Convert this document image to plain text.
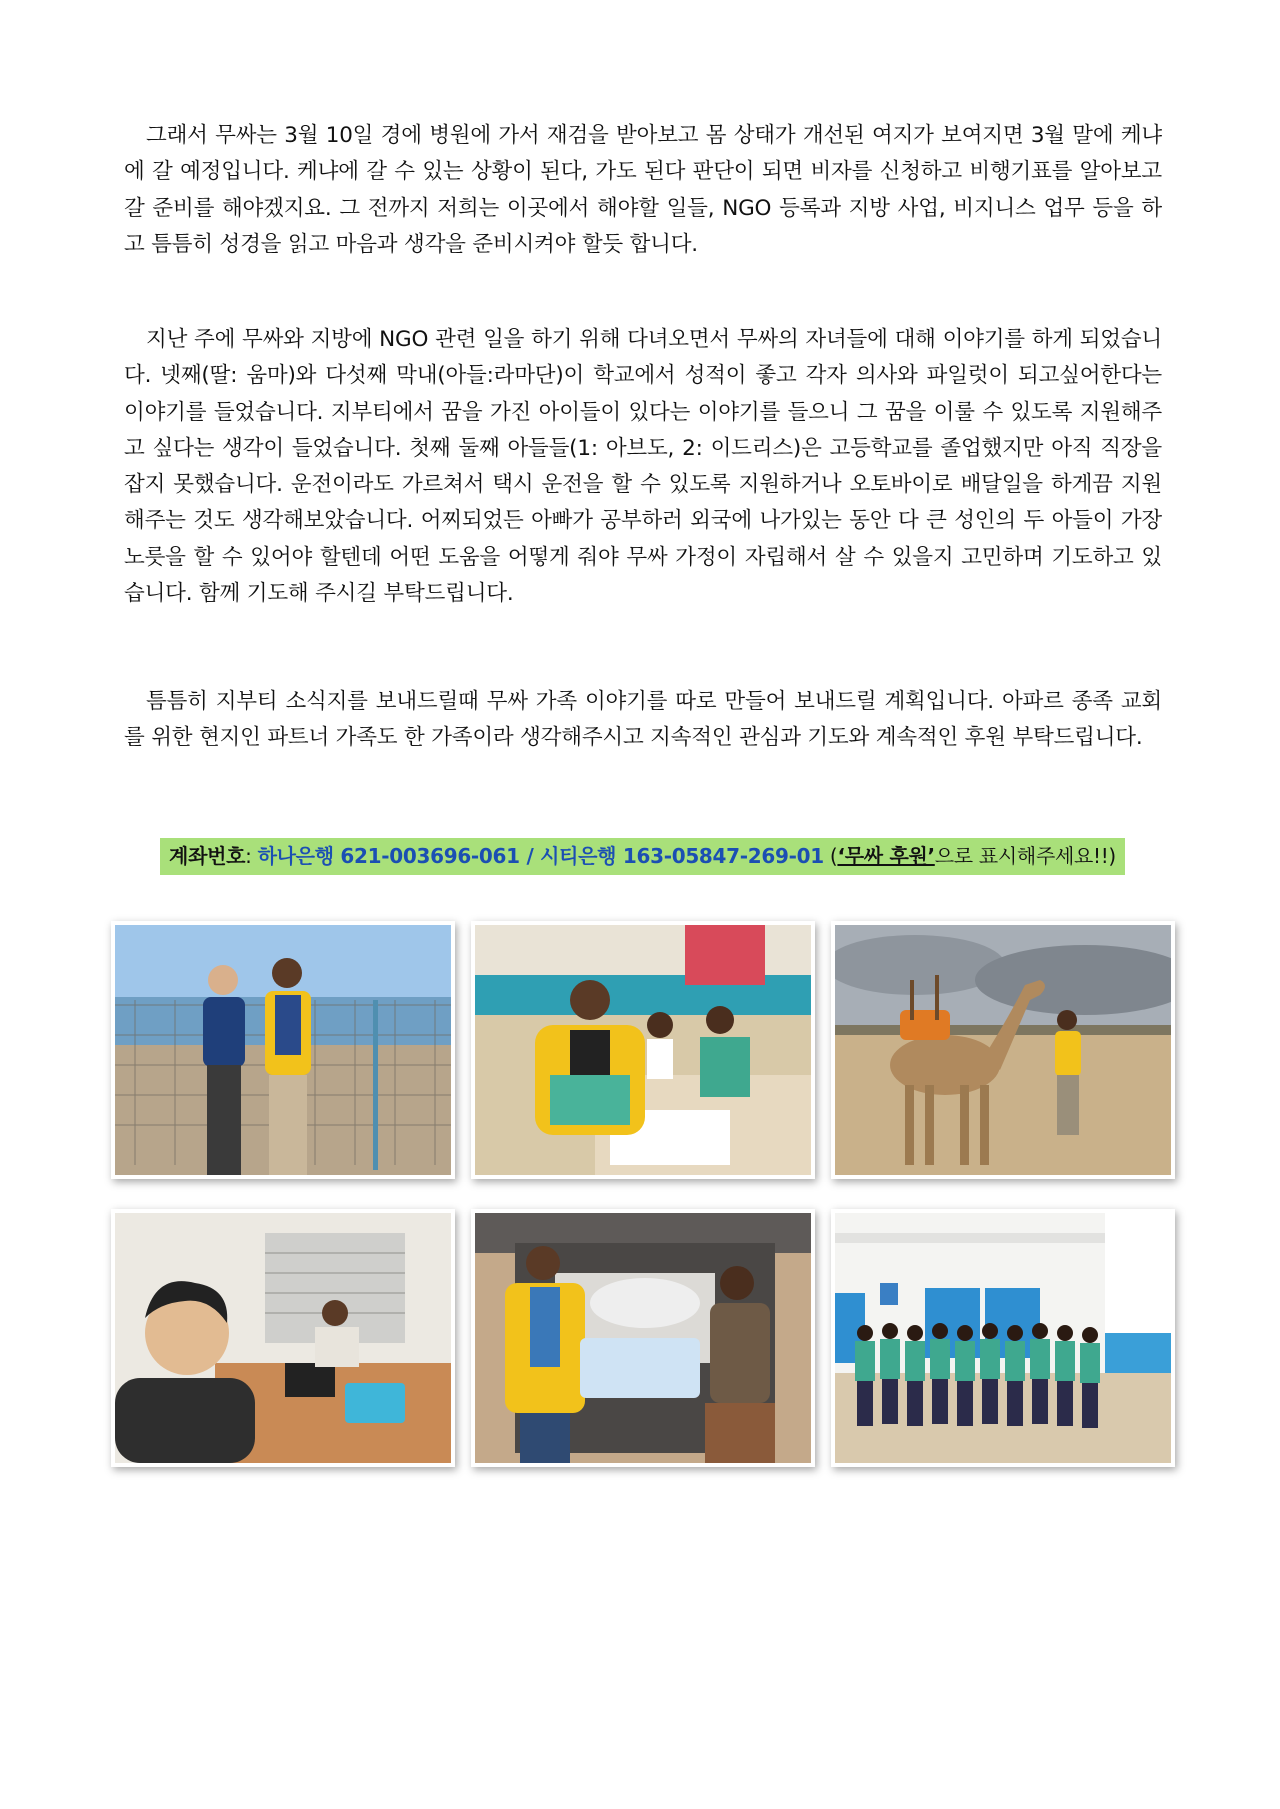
그래서 무싸는 3월 10일 경에 병원에 가서 재검을 받아보고 몸 상태가 개선된 여지가 보여지면 3월 말에 케냐에 갈 예정입니다. 케냐에 갈 수 있는 상황이 된다, 가도 된다 판단이 되면 비자를 신청하고 비행기표를 알아보고 갈 준비를 해야겠지요. 그 전까지 저희는 이곳에서 해야할 일들, NGO 등록과 지방 사업, 비지니스 업무 등을 하고 틈틈히 성경을 읽고 마음과 생각을 준비시켜야 할듯 합니다.

지난 주에 무싸와 지방에 NGO 관련 일을 하기 위해 다녀오면서 무싸의 자녀들에 대해 이야기를 하게 되었습니다. 넷째(딸: 움마)와 다섯째 막내(아들:라마단)이 학교에서 성적이 좋고 각자 의사와 파일럿이 되고싶어한다는 이야기를 들었습니다. 지부티에서 꿈을 가진 아이들이 있다는 이야기를 들으니 그 꿈을 이룰 수 있도록 지원해주고 싶다는 생각이 들었습니다. 첫째 둘째 아들들(1: 아브도, 2: 이드리스)은 고등학교를 졸업했지만 아직 직장을 잡지 못했습니다. 운전이라도 가르쳐서 택시 운전을 할 수 있도록 지원하거나 오토바이로 배달일을 하게끔 지원해주는 것도 생각해보았습니다. 어찌되었든 아빠가 공부하러 외국에 나가있는 동안 다 큰 성인의 두 아들이 가장 노릇을 할 수 있어야 할텐데 어떤 도움을 어떻게 줘야 무싸 가정이 자립해서 살 수 있을지 고민하며 기도하고 있습니다. 함께 기도해 주시길 부탁드립니다.

틈틈히 지부티 소식지를 보내드릴때 무싸 가족 이야기를 따로 만들어 보내드릴 계획입니다. 아파르 종족 교회를 위한 현지인 파트너 가족도 한 가족이라 생각해주시고 지속적인 관심과 기도와 계속적인 후원 부탁드립니다.

계좌번호: 하나은행 621-003696-061 / 시티은행 163-05847-269-01 (‘무싸 후원’으로 표시해주세요!!)
